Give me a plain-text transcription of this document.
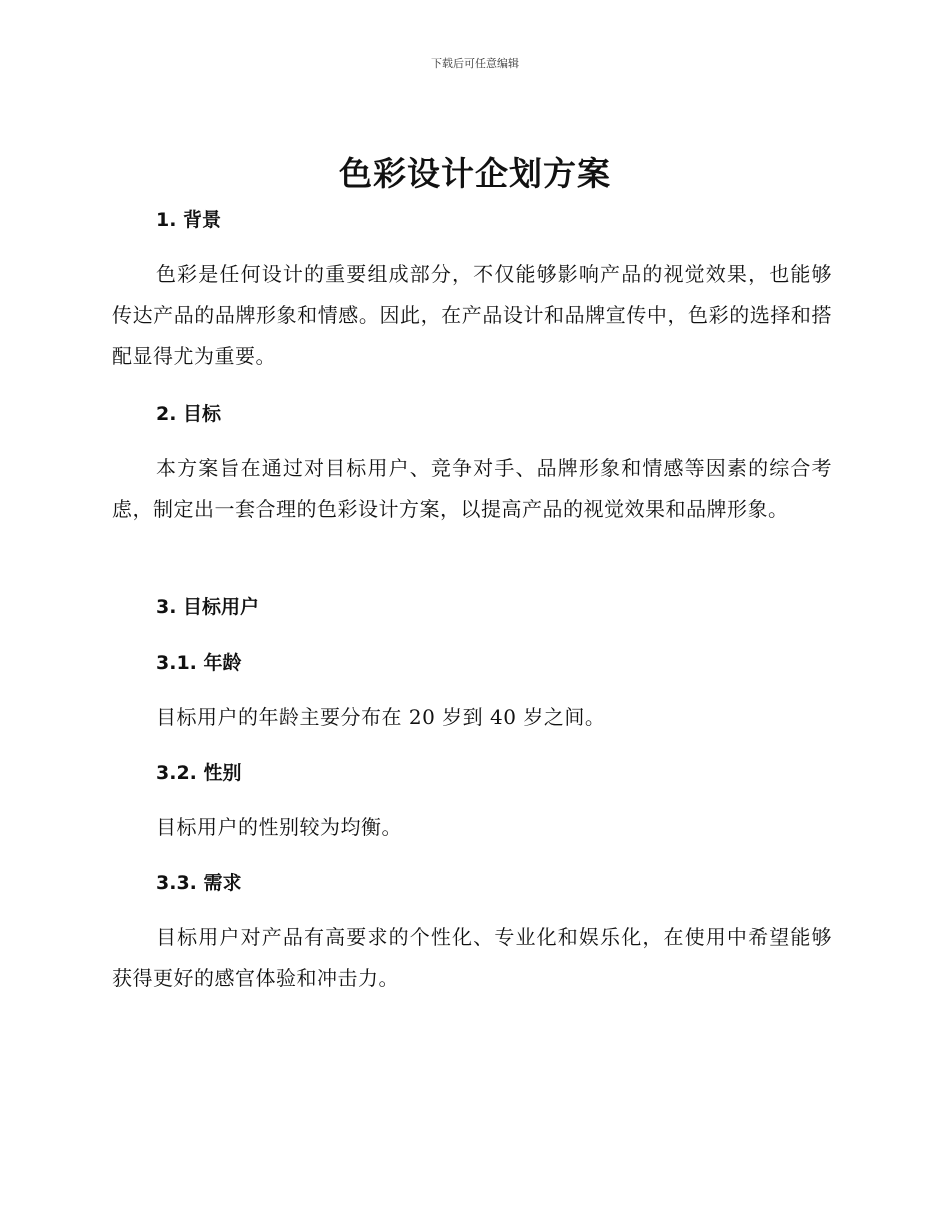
下载后可任意编辑
色彩设计企划方案
1. 背景

色彩是任何设计的重要组成部分，不仅能够影响产品的视觉效果，也能够传达产品的品牌形象和情感。因此，在产品设计和品牌宣传中，色彩的选择和搭配显得尤为重要。

2. 目标

本方案旨在通过对目标用户、竞争对手、品牌形象和情感等因素的综合考虑，制定出一套合理的色彩设计方案，以提高产品的视觉效果和品牌形象。

3. 目标用户
3.1. 年龄

目标用户的年龄主要分布在 20 岁到 40 岁之间。

3.2. 性别

目标用户的性别较为均衡。

3.3. 需求

目标用户对产品有高要求的个性化、专业化和娱乐化，在使用中希望能够获得更好的感官体验和冲击力。
